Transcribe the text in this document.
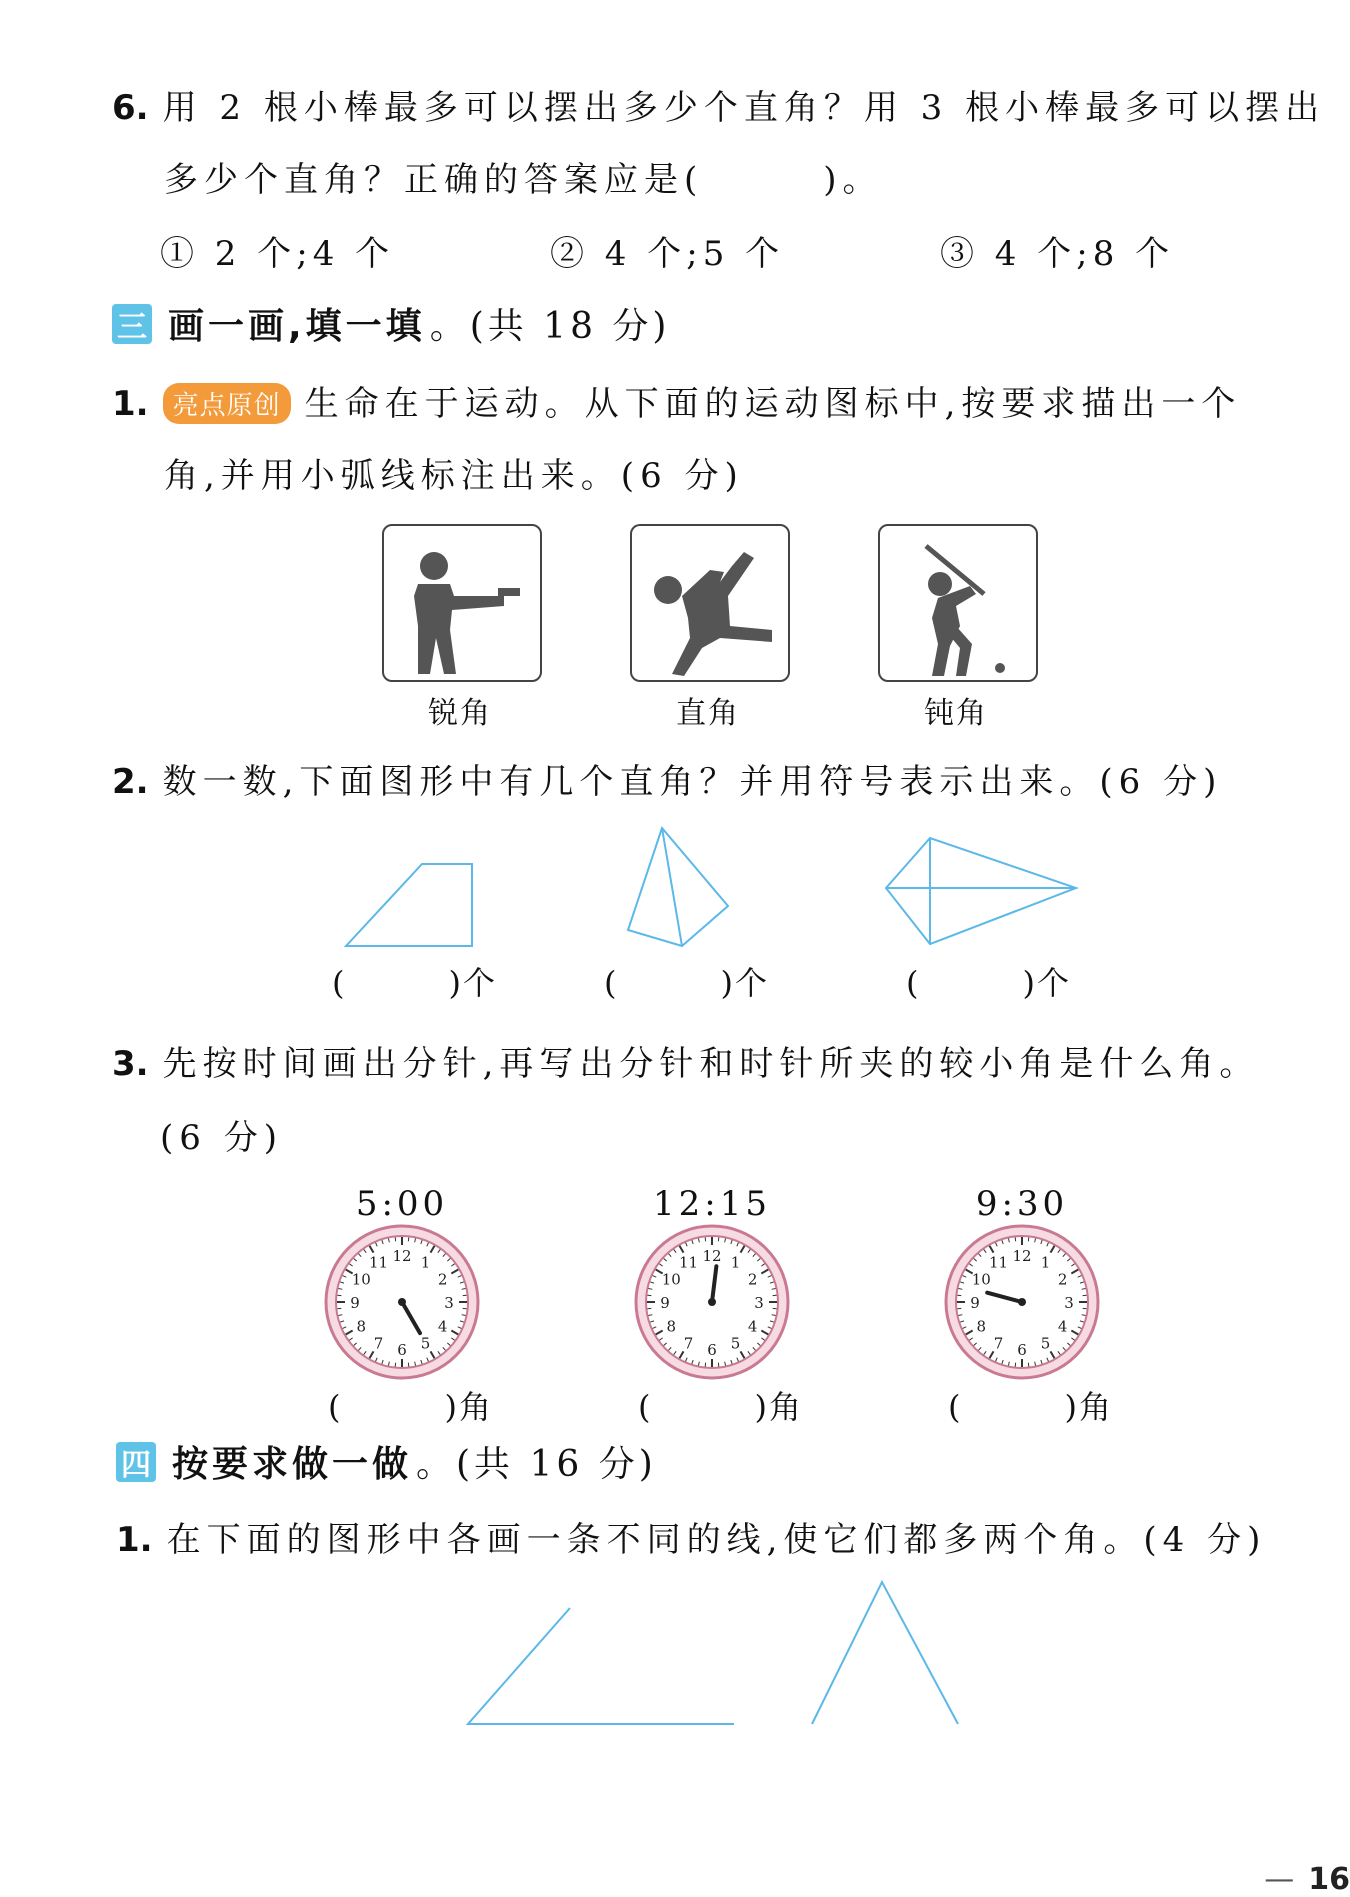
6. 用 2 根小棒最多可以摆出多少个直角？用 3 根小棒最多可以摆出
多少个直角？正确的答案应是(　　　)。
① 2 个;4 个	② 4 个;5 个	③ 4 个;8 个
三 画一画,填一填 。(共 18 分)
1. 亮点原创 生命在于运动。从下面的运动图标中,按要求描出一个
角,并用小弧线标注出来。(6 分)
锐角	直角	钝角
2. 数一数,下面图形中有几个直角？并用符号表示出来。(6 分)
(　　　)个	(　　　)个	(　　　)个
3. 先按时间画出分针,再写出分针和时针所夹的较小角是什么角。
(6 分)
5:00	12:15	9:30
1
2
3
4
5
6
7
8
9
10
11 12	1
2
3
4
5
6
7
8
9
10
11 12	1
2
3
4
5
6
7
8
9
10
11 12
(　　　)角	(　　　)角	(　　　)角
四 按要求做一做 。(共 16 分)
1. 在下面的图形中各画一条不同的线,使它们都多两个角。(4 分)
— 16
